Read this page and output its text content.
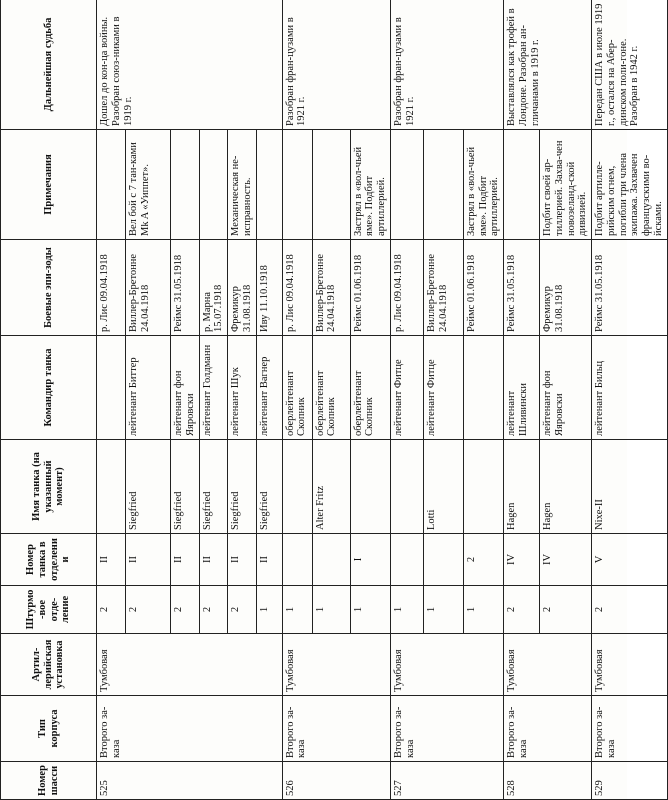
Номер шасси	Тип корпуса	Артил-лерийская установка	Штурмо-вое отде-ление	Номер танка в отделении	Имя танка (на указанный момент)	Командир танка	Боевые эпи-зоды	Примечания	Дальнейшая судьба
525	Второго за-каза	Тумбовая	2	II			р. Лис 09.04.1918		Дошел до кон-ца войны. Разобран союз-никами в 1919 г.
			2	II	Siegfried	лейтенант Биттер	Виллер-Бретонне 24.04.1918	Вел бой с 7 тан-ками Mk A «Уиппет».	
			2	II	Siegfried	лейтенант фон Яяровски	Реймс 31.05.1918		
			2	II	Siegfried	лейтенант Голдманн	р. Марна 15.07.1918		
			2	II	Siegfried	лейтенант Шук	Фремикур 31.08.1918	Механическая не-исправность.	
			1	II	Siegfried	лейтенант Вагнер	Иву 11.10.1918		
526	Второго за-каза	Тумбовая	1			оберлейтенант Скопник	р. Лис 09.04.1918		Разобран фран-цузами в 1921 г.
			1		Alter Fritz	оберлейтенант Скопник	Виллер-Бретонне 24.04.1918		
			1	I		оберлейтенант Скопник	Реймс 01.06.1918	Застрял в «вол-чьей яме». Подбит артиллерией.	
527	Второго за-каза	Тумбовая	1			лейтенант Фитце	р. Лис 09.04.1918		Разобран фран-цузами в 1921 г.
			1		Lotti	лейтенант Фитце	Виллер-Бретонне 24.04.1918		
			1	2			Реймс 01.06.1918	Застрял в «вол-чьей яме». Подбит артиллерией.	
528	Второго за-каза	Тумбовая	2	IV	Hagen	лейтенант Шливински	Реймс 31.05.1918		Выставлялся как трофей в Лондоне. Разобран ан-гличанами в 1919 г.
			2	IV	Hagen	лейтенант фон Яяровски	Фремикур 31.08.1918	Подбит своей ар-тиллерией. Захва-чен новозеланд-ской дивизией.	
529	Второго за-каза	Тумбовая	2	V	Nixe-II	лейтенант Бильц	Реймс 31.05.1918	Подбит артилле-рийским огнем, погибли три члена экипажа. Захвачен французскими во-йсками.	Передан США в июле 1919 г., остался на Абер-динском поли-гоне. Разобран в 1942 г.
